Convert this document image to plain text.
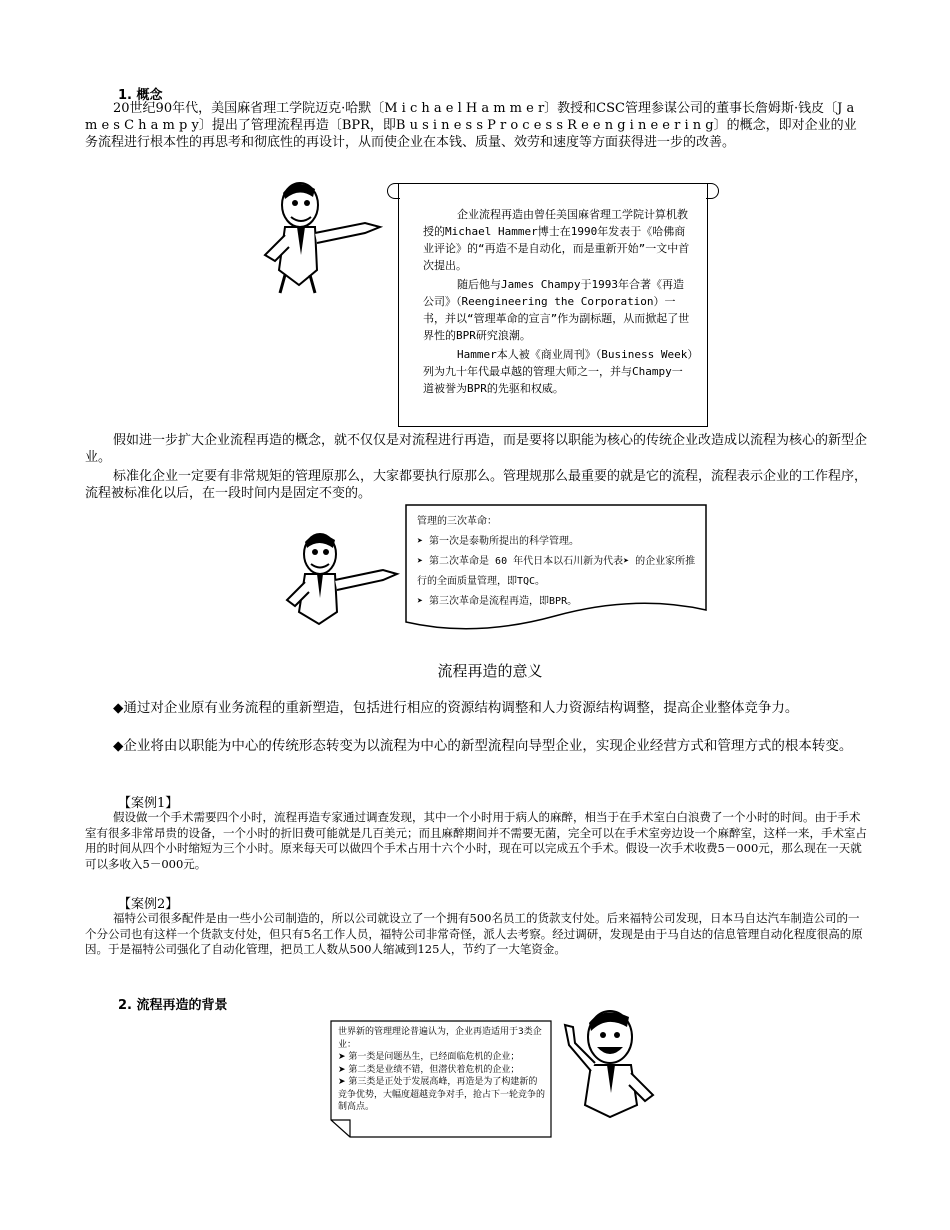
1. 概念

20世纪90年代，美国麻省理工学院迈克·哈默〔M i c h a e l H a m m e r〕教授和CSC管理参谋公司的董事长詹姆斯·钱皮〔J a m e s C h a m p y〕提出了管理流程再造〔BPR，即B u s i n e s s P r o c e s s R e e n g i n e e r i n g〕的概念，即对企业的业务流程进行根本性的再思考和彻底性的再设计，从而使企业在本钱、质量、效劳和速度等方面获得进一步的改善。

企业流程再造由曾任美国麻省理工学院计算机教授的Michael Hammer博士在1990年发表于《哈佛商业评论》的“再造不是自动化，而是重新开始”一文中首次提出。

随后他与James Champy于1993年合著《再造公司》（Reengineering the Corporation）一书，并以“管理革命的宣言”作为副标题，从而掀起了世界性的BPR研究浪潮。

Hammer本人被《商业周刊》（Business Week）列为九十年代最卓越的管理大师之一，并与Champy一道被誉为BPR的先驱和权威。

假如进一步扩大企业流程再造的概念，就不仅仅是对流程进行再造，而是要将以职能为核心的传统企业改造成以流程为核心的新型企业。

标准化企业一定要有非常规矩的管理原那么，大家都要执行原那么。管理规那么最重要的就是它的流程，流程表示企业的工作程序，流程被标准化以后，在一段时间内是固定不变的。

管理的三次革命：
➤ 第一次是泰勒所提出的科学管理。
➤ 第二次革命是 60 年代日本以石川新为代表➤ 的企业家所推行的全面质量管理，即TQC。
➤ 第三次革命是流程再造，即BPR。
流程再造的意义

◆通过对企业原有业务流程的重新塑造，包括进行相应的资源结构调整和人力资源结构调整，提高企业整体竞争力。

◆企业将由以职能为中心的传统形态转变为以流程为中心的新型流程向导型企业，实现企业经营方式和管理方式的根本转变。

【案例1】

假设做一个手术需要四个小时，流程再造专家通过调查发现，其中一个小时用于病人的麻醉，相当于在手术室白白浪费了一个小时的时间。由于手术室有很多非常昂贵的设备，一个小时的折旧费可能就是几百美元；而且麻醉期间并不需要无菌，完全可以在手术室旁边设一个麻醉室，这样一来，手术室占用的时间从四个小时缩短为三个小时。原来每天可以做四个手术占用十六个小时，现在可以完成五个手术。假设一次手术收费5－000元，那么现在一天就可以多收入5－000元。

【案例2】

福特公司很多配件是由一些小公司制造的，所以公司就设立了一个拥有500名员工的货款支付处。后来福特公司发现，日本马自达汽车制造公司的一个分公司也有这样一个货款支付处，但只有5名工作人员，福特公司非常奇怪，派人去考察。经过调研，发现是由于马自达的信息管理自动化程度很高的原因。于是福特公司强化了自动化管理，把员工人数从500人缩减到125人，节约了一大笔资金。

2. 流程再造的背景
世界新的管理理论普遍认为，企业再造适用于3类企业：
➤ 第一类是问题丛生，已经面临危机的企业；
➤ 第二类是业绩不错，但潜伏着危机的企业；
➤ 第三类是正处于发展高峰，再造是为了构建新的竞争优势，大幅度超越竞争对手，抢占下一轮竞争的制高点。
